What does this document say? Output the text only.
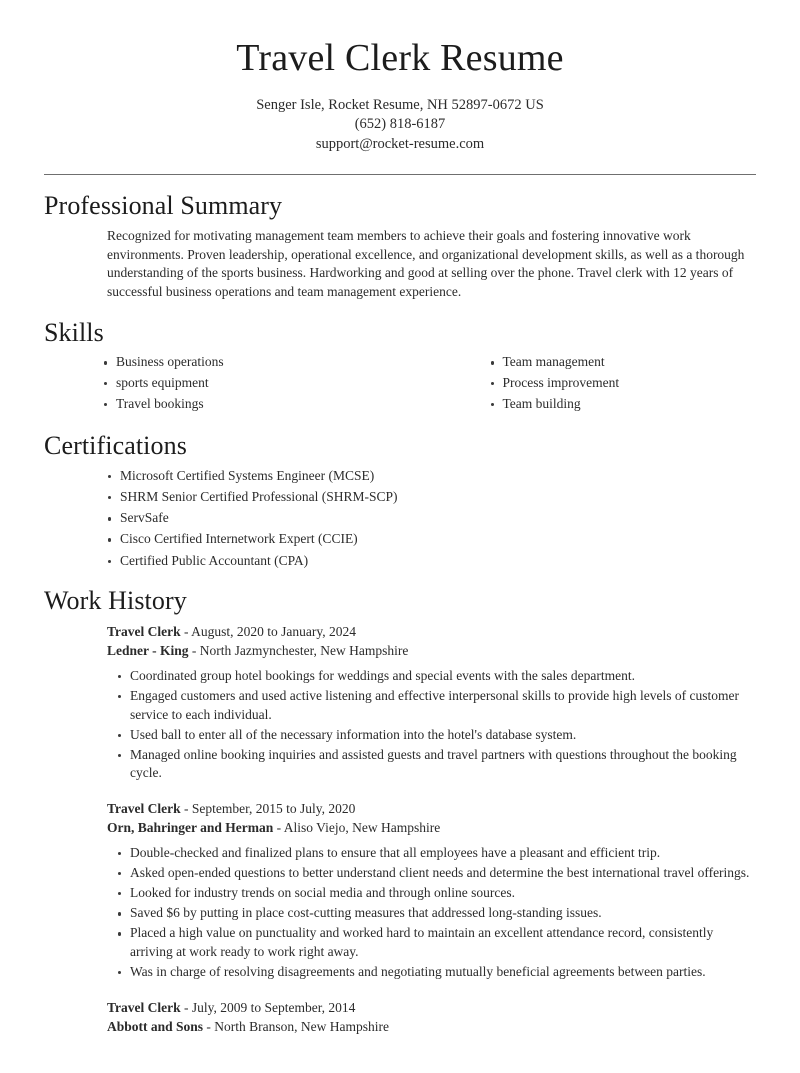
Travel Clerk Resume
Senger Isle, Rocket Resume, NH 52897-0672 US
(652) 818-6187
support@rocket-resume.com
Professional Summary

Recognized for motivating management team members to achieve their goals and fostering innovative work environments. Proven leadership, operational excellence, and organizational development skills, as well as a thorough understanding of the sports business. Hardworking and good at selling over the phone. Travel clerk with 12 years of successful business operations and team management experience.

Skills
Business operations
sports equipment
Travel bookings
Team management
Process improvement
Team building
Certifications
Microsoft Certified Systems Engineer (MCSE)
SHRM Senior Certified Professional (SHRM-SCP)
ServSafe
Cisco Certified Internetwork Expert (CCIE)
Certified Public Accountant (CPA)
Work History
Travel Clerk - August, 2020 to January, 2024
Ledner - King - North Jazmynchester, New Hampshire
Coordinated group hotel bookings for weddings and special events with the sales department.
Engaged customers and used active listening and effective interpersonal skills to provide high levels of customer service to each individual.
Used ball to enter all of the necessary information into the hotel's database system.
Managed online booking inquiries and assisted guests and travel partners with questions throughout the booking cycle.
Travel Clerk - September, 2015 to July, 2020
Orn, Bahringer and Herman - Aliso Viejo, New Hampshire
Double-checked and finalized plans to ensure that all employees have a pleasant and efficient trip.
Asked open-ended questions to better understand client needs and determine the best international travel offerings.
Looked for industry trends on social media and through online sources.
Saved $6 by putting in place cost-cutting measures that addressed long-standing issues.
Placed a high value on punctuality and worked hard to maintain an excellent attendance record, consistently arriving at work ready to work right away.
Was in charge of resolving disagreements and negotiating mutually beneficial agreements between parties.
Travel Clerk - July, 2009 to September, 2014
Abbott and Sons - North Branson, New Hampshire
